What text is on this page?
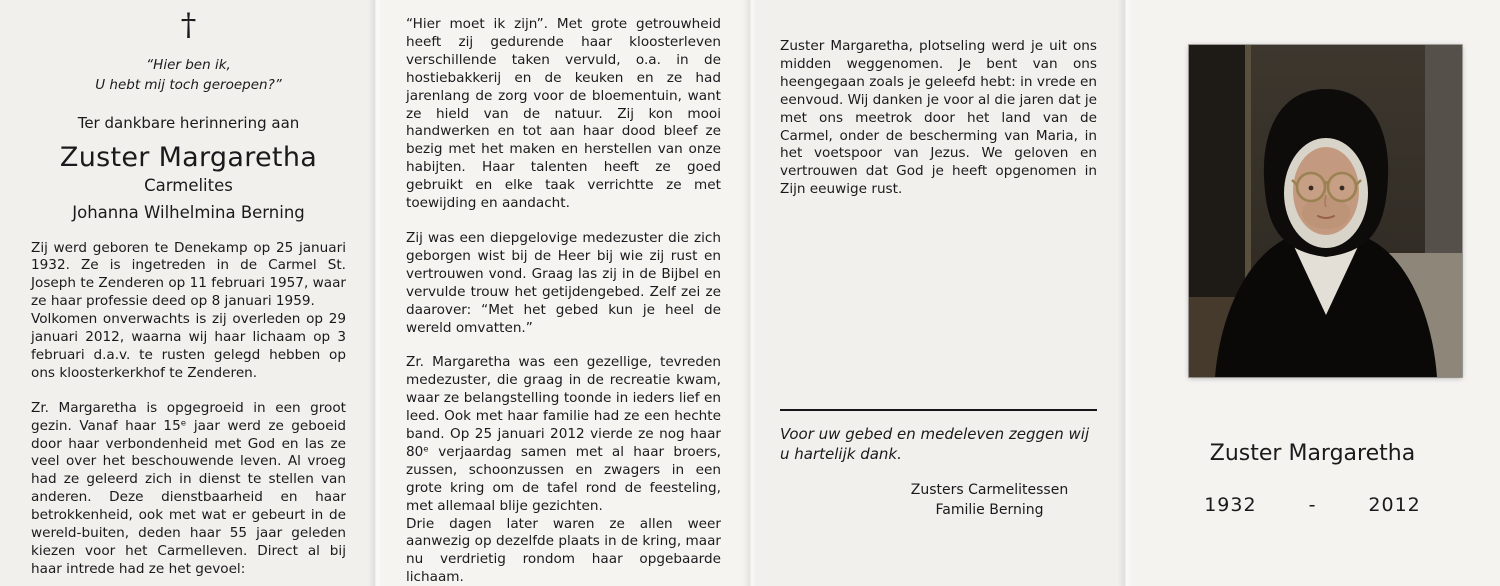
†
“Hier ben ik,
U hebt mij toch geroepen?”
Ter dankbare herinnering aan
Zuster Margaretha
Carmelites
Johanna Wilhelmina Berning

Zij werd geboren te Denekamp op 25 januari 1932. Ze is ingetreden in de Carmel St. Joseph te Zenderen op 11 februari 1957, waar ze haar professie deed op 8 januari 1959.

Volkomen onverwachts is zij overleden op 29 januari 2012, waarna wij haar lichaam op 3 februari d.a.v. te rusten gelegd hebben op ons kloosterkerkhof te Zenderen.

Zr. Margaretha is opgegroeid in een groot gezin. Vanaf haar 15ᵉ jaar werd ze geboeid door haar verbondenheid met God en las ze veel over het beschouwende leven. Al vroeg had ze geleerd zich in dienst te stellen van anderen. Deze dienstbaarheid en haar betrokkenheid, ook met wat er gebeurt in de wereld-buiten, deden haar 55 jaar geleden kiezen voor het Carmelleven. Direct al bij haar intrede had ze het gevoel:

“Hier moet ik zijn”. Met grote getrouwheid heeft zij gedurende haar kloosterleven verschillende taken vervuld, o.a. in de hostiebakkerij en de keuken en ze had jarenlang de zorg voor de bloementuin, want ze hield van de natuur. Zij kon mooi handwerken en tot aan haar dood bleef ze bezig met het maken en herstellen van onze habijten. Haar talenten heeft ze goed gebruikt en elke taak verrichtte ze met toewijding en aandacht.

Zij was een diepgelovige medezuster die zich geborgen wist bij de Heer bij wie zij rust en vertrouwen vond. Graag las zij in de Bijbel en vervulde trouw het getijdengebed. Zelf zei ze daarover: “Met het gebed kun je heel de wereld omvatten.”

Zr. Margaretha was een gezellige, tevreden medezuster, die graag in de recreatie kwam, waar ze belangstelling toonde in ieders lief en leed. Ook met haar familie had ze een hechte band. Op 25 januari 2012 vierde ze nog haar 80ᵉ verjaardag samen met al haar broers, zussen, schoonzussen en zwagers in een grote kring om de tafel rond de feesteling, met allemaal blije gezichten.

Drie dagen later waren ze allen weer aanwezig op dezelfde plaats in de kring, maar nu verdrietig rondom haar opgebaarde lichaam.

Zuster Margaretha, plotseling werd je uit ons midden weggenomen. Je bent van ons heengegaan zoals je geleefd hebt: in vrede en eenvoud. Wij danken je voor al die jaren dat je met ons meetrok door het land van de Carmel, onder de bescherming van Maria, in het voetspoor van Jezus. We geloven en vertrouwen dat God je heeft opgenomen in Zijn eeuwige rust.

Voor uw gebed en medeleven zeggen wij u hartelijk dank.

Zusters Carmelitessen
Familie Berning
Zuster Margaretha
1932	-	2012
